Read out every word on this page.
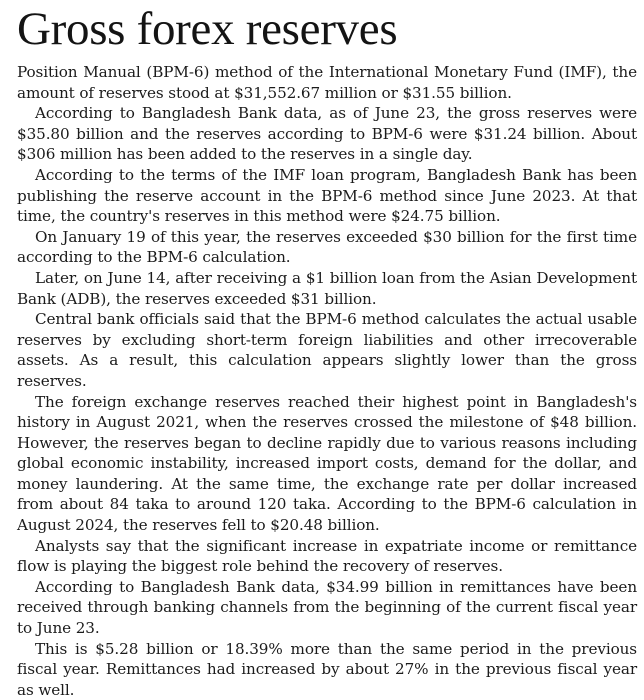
Gross forex reserves

Position Manual (BPM-6) method of the International Monetary Fund (IMF), the amount of reserves stood at $31,552.67 million or $31.55 billion.

According to Bangladesh Bank data, as of June 23, the gross reserves were $35.80 billion and the reserves according to BPM-6 were $31.24 billion. About $306 million has been added to the reserves in a single day.

According to the terms of the IMF loan program, Bangladesh Bank has been publishing the reserve account in the BPM-6 method since June 2023. At that time, the country's reserves in this method were $24.75 billion.

On January 19 of this year, the reserves exceeded $30 billion for the first time according to the BPM-6 calculation.

Later, on June 14, after receiving a $1 billion loan from the Asian Development Bank (ADB), the reserves exceeded $31 billion.

Central bank officials said that the BPM-6 method calculates the actual usable reserves by excluding short-term foreign liabilities and other irrecoverable assets. As a result, this calculation appears slightly lower than the gross reserves.

The foreign exchange reserves reached their highest point in Bangladesh's history in August 2021, when the reserves crossed the milestone of $48 billion. However, the reserves began to decline rapidly due to various reasons including global economic instability, increased import costs, demand for the dollar, and money laundering. At the same time, the exchange rate per dollar increased from about 84 taka to around 120 taka. According to the BPM-6 calculation in August 2024, the reserves fell to $20.48 billion.

Analysts say that the significant increase in expatriate income or remittance flow is playing the biggest role behind the recovery of reserves.

According to Bangladesh Bank data, $34.99 billion in remittances have been received through banking channels from the beginning of the current fiscal year to June 23.

This is $5.28 billion or 18.39% more than the same period in the previous fiscal year. Remittances had increased by about 27% in the previous fiscal year as well.
